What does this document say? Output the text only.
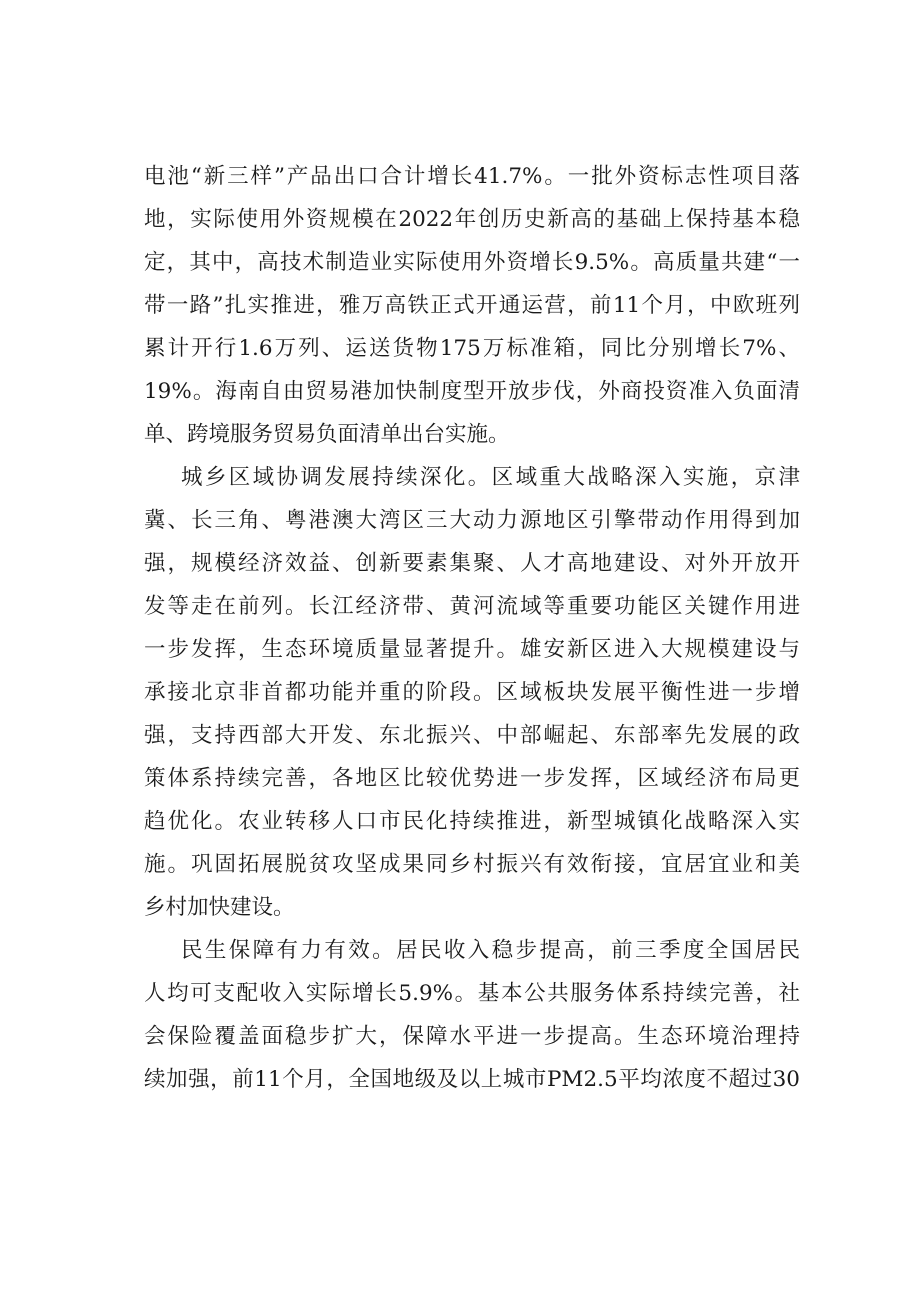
电池“新三样”产品出口合计增长41.7%。一批外资标志性项目落
地，实际使用外资规模在2022年创历史新高的基础上保持基本稳
定，其中，高技术制造业实际使用外资增长9.5%。高质量共建“一
带一路”扎实推进，雅万高铁正式开通运营，前11个月，中欧班列
累计开行1.6万列、运送货物175万标准箱，同比分别增长7%、
19%。海南自由贸易港加快制度型开放步伐，外商投资准入负面清
单、跨境服务贸易负面清单出台实施。
城乡区域协调发展持续深化。区域重大战略深入实施，京津
冀、长三角、粤港澳大湾区三大动力源地区引擎带动作用得到加
强，规模经济效益、创新要素集聚、人才高地建设、对外开放开
发等走在前列。长江经济带、黄河流域等重要功能区关键作用进
一步发挥，生态环境质量显著提升。雄安新区进入大规模建设与
承接北京非首都功能并重的阶段。区域板块发展平衡性进一步增
强，支持西部大开发、东北振兴、中部崛起、东部率先发展的政
策体系持续完善，各地区比较优势进一步发挥，区域经济布局更
趋优化。农业转移人口市民化持续推进，新型城镇化战略深入实
施。巩固拓展脱贫攻坚成果同乡村振兴有效衔接，宜居宜业和美
乡村加快建设。
民生保障有力有效。居民收入稳步提高，前三季度全国居民
人均可支配收入实际增长5.9%。基本公共服务体系持续完善，社
会保险覆盖面稳步扩大，保障水平进一步提高。生态环境治理持
续加强，前11个月，全国地级及以上城市PM2.5平均浓度不超过30
